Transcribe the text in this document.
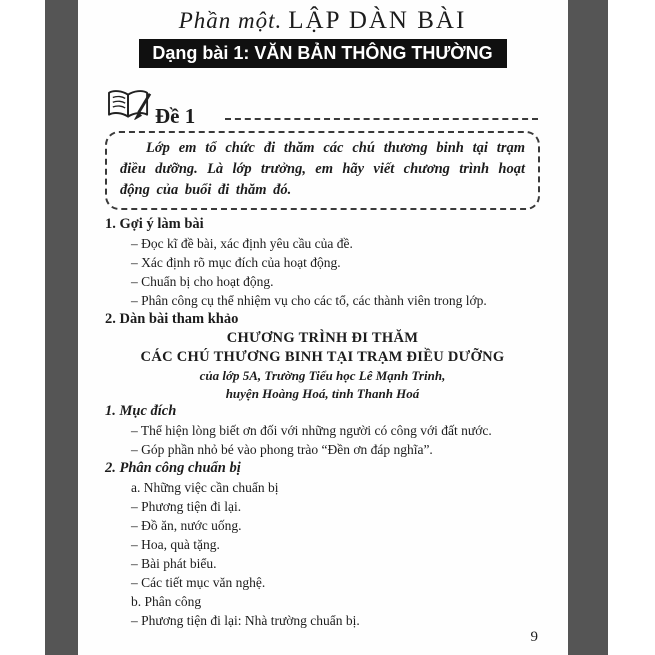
Phần một. LẬP DÀN BÀI
Dạng bài 1: VĂN BẢN THÔNG THƯỜNG
Đề 1
Lớp em tổ chức đi thăm các chú thương binh tại trạm điều dưỡng. Là lớp trưởng, em hãy viết chương trình hoạt động của buổi đi thăm đó.
1. Gợi ý làm bài
– Đọc kĩ đề bài, xác định yêu cầu của đề.
– Xác định rõ mục đích của hoạt động.
– Chuẩn bị cho hoạt động.
– Phân công cụ thể nhiệm vụ cho các tổ, các thành viên trong lớp.
2. Dàn bài tham khảo
CHƯƠNG TRÌNH ĐI THĂM
CÁC CHÚ THƯƠNG BINH TẠI TRẠM ĐIỀU DƯỠNG
của lớp 5A, Trường Tiểu học Lê Mạnh Trinh,
huyện Hoàng Hoá, tỉnh Thanh Hoá
1. Mục đích
– Thể hiện lòng biết ơn đối với những người có công với đất nước.
– Góp phần nhỏ bé vào phong trào “Đền ơn đáp nghĩa”.
2. Phân công chuẩn bị
a. Những việc cần chuẩn bị
– Phương tiện đi lại.
– Đồ ăn, nước uống.
– Hoa, quà tặng.
– Bài phát biểu.
– Các tiết mục văn nghệ.
b. Phân công
– Phương tiện đi lại: Nhà trường chuẩn bị.
9
